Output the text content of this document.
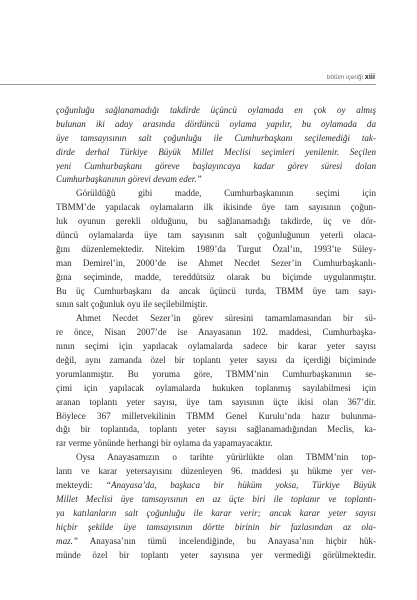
bölüm içeriği xiii
çoğunluğu sağlanamadığı takdirde üçüncü oylamada en çok oy almış
bulunan iki aday arasında dördüncü oylama yapılır, bu oylamada da
üye tamsayısının salt çoğunluğu ile Cumhurbaşkanı seçilemediği tak-
dirde derhal Türkiye Büyük Millet Meclisi seçimleri yenilenir. Seçilen
yeni Cumhurbaşkanı göreve başlayıncaya kadar görev süresi dolan
Cumhurbaşkanının görevi devam eder.”
Görüldüğü gibi madde, Cumhurbaşkanının seçimi için
TBMM’de yapılacak oylamaların ilk ikisinde üye tam sayısının çoğun-
luk oyunun gerekli olduğunu, bu sağlanamadığı takdirde, üç ve dör-
düncü oylamalarda üye tam sayısının salt çoğunluğunun yeterli olaca-
ğını düzenlemektedir. Nitekim 1989’da Turgut Özal’ın, 1993’te Süley-
man Demirel’in, 2000’de ise Ahmet Necdet Sezer’in Cumhurbaşkanlı-
ğına seçiminde, madde, tereddütsüz olarak bu biçimde uygulanmıştır.
Bu üç Cumhurbaşkanı da ancak üçüncü turda, TBMM üye tam sayı-
sının salt çoğunluk oyu ile seçilebilmiştir.
Ahmet Necdet Sezer’in görev süresini tamamlamasından bir sü-
re önce, Nisan 2007’de ise Anayasanın 102. maddesi, Cumhurbaşka-
nının seçimi için yapılacak oylamalarda sadece bir karar yeter sayısı
değil, aynı zamanda özel bir toplantı yeter sayısı da içerdiği biçiminde
yorumlanmıştır. Bu yoruma göre, TBMM’nin Cumhurbaşkanının se-
çimi için yapılacak oylamalarda hukuken toplanmış sayılabilmesi için
aranan toplantı yeter sayısı, üye tam sayısının üçte ikisi olan 367’dir.
Böylece 367 milletvekilinin TBMM Genel Kurulu’nda hazır bulunma-
dığı bir toplantıda, toplantı yeter sayısı sağlanamadığından Meclis, ka-
rar verme yönünde herhangi bir oylama da yapamayacaktır.
Oysa Anayasamızın o tarihte yürürlükte olan TBMM’nin top-
lantı ve karar yetersayısını düzenleyen 96. maddesi şu hükme yer ver-
mekteydi: “Anayasa’da, başkaca bir hüküm yoksa, Türkiye Büyük
Millet Meclisi üye tamsayısının en az üçte biri ile toplanır ve toplantı-
ya katılanların salt çoğunluğu ile karar verir; ancak karar yeter sayısı
hiçbir şekilde üye tamsayısının dörtte birinin bir fazlasından az ola-
maz.” Anayasa’nın tümü incelendiğinde, bu Anayasa’nın hiçbir hük-
münde özel bir toplantı yeter sayısına yer vermediği görülmektedir.
